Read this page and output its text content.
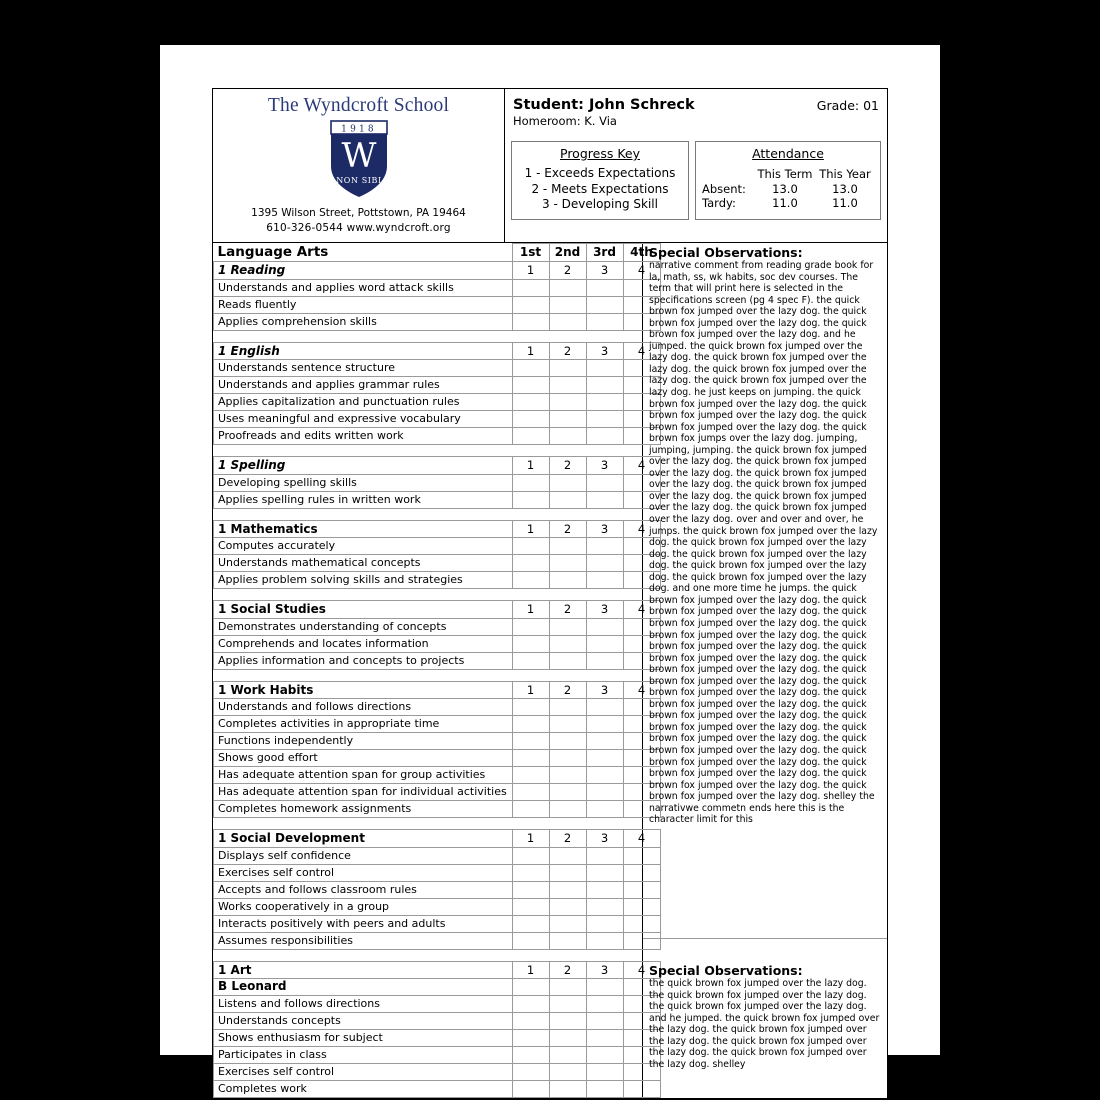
The Wyndcroft School
1918
W
NON SIBI
1395 Wilson Street, Pottstown, PA 19464
610-326-0544 www.wyndcroft.org
Student: John Schreck
Homeroom: K. Via
Grade: 01
Progress Key
1 - Exceeds Expectations
2 - Meets Expectations
3 - Developing Skill
Attendance
	This Term	This Year
Absent:	13.0	13.0
Tardy:	11.0	11.0
Language Arts	1st	2nd	3rd	4th
1 Reading	1	2	3	4
Understands and applies word attack skills				
Reads fluently				
Applies comprehension skills				

1 English	1	2	3	4
Understands sentence structure				
Understands and applies grammar rules				
Applies capitalization and punctuation rules				
Uses meaningful and expressive vocabulary				
Proofreads and edits written work				

1 Spelling	1	2	3	4
Developing spelling skills				
Applies spelling rules in written work				

1 Mathematics	1	2	3	4
Computes accurately				
Understands mathematical concepts				
Applies problem solving skills and strategies				

1 Social Studies	1	2	3	4
Demonstrates understanding of concepts				
Comprehends and locates information				
Applies information and concepts to projects				

1 Work Habits	1	2	3	4
Understands and follows directions				
Completes activities in appropriate time				
Functions independently				
Shows good effort				
Has adequate attention span for group activities				
Has adequate attention span for individual activities				
Completes homework assignments				

1 Social Development	1	2	3	4
Displays self confidence				
Exercises self control				
Accepts and follows classroom rules				
Works cooperatively in a group				
Interacts positively with peers and adults				
Assumes responsibilities				

1 Art	1	2	3	4
B Leonard				
Listens and follows directions				
Understands concepts				
Shows enthusiasm for subject				
Participates in class				
Exercises self control				
Completes work				
Special Observations:
narrative comment from reading grade book for la, math, ss, wk habits, soc dev courses. The term that will print here is selected in the specifications screen (pg 4 spec F). the quick brown fox jumped over the lazy dog. the quick brown fox jumped over the lazy dog. the quick brown fox jumped over the lazy dog. and he jumped. the quick brown fox jumped over the lazy dog. the quick brown fox jumped over the lazy dog. the quick brown fox jumped over the lazy dog. the quick brown fox jumped over the lazy dog. he just keeps on jumping. the quick brown fox jumped over the lazy dog. the quick brown fox jumped over the lazy dog. the quick brown fox jumped over the lazy dog. the quick brown fox jumps over the lazy dog. jumping, jumping, jumping. the quick brown fox jumped over the lazy dog. the quick brown fox jumped over the lazy dog. the quick brown fox jumped over the lazy dog. the quick brown fox jumped over the lazy dog. the quick brown fox jumped over the lazy dog. the quick brown fox jumped over the lazy dog. over and over and over, he jumps. the quick brown fox jumped over the lazy dog. the quick brown fox jumped over the lazy dog. the quick brown fox jumped over the lazy dog. the quick brown fox jumped over the lazy dog. the quick brown fox jumped over the lazy dog. and one more time he jumps. the quick brown fox jumped over the lazy dog. the quick brown fox jumped over the lazy dog. the quick brown fox jumped over the lazy dog. the quick brown fox jumped over the lazy dog. the quick brown fox jumped over the lazy dog. the quick brown fox jumped over the lazy dog. the quick brown fox jumped over the lazy dog. the quick brown fox jumped over the lazy dog. the quick brown fox jumped over the lazy dog. the quick brown fox jumped over the lazy dog. the quick brown fox jumped over the lazy dog. the quick brown fox jumped over the lazy dog. the quick brown fox jumped over the lazy dog. the quick brown fox jumped over the lazy dog. the quick brown fox jumped over the lazy dog. the quick brown fox jumped over the lazy dog. the quick brown fox jumped over the lazy dog. the quick brown fox jumped over the lazy dog. shelley the narrativwe commetn ends here this is the character limit for this
Special Observations:
the quick brown fox jumped over the lazy dog. the quick brown fox jumped over the lazy dog. the quick brown fox jumped over the lazy dog. and he jumped. the quick brown fox jumped over the lazy dog. the quick brown fox jumped over the lazy dog. the quick brown fox jumped over the lazy dog. the quick brown fox jumped over the lazy dog. shelley
